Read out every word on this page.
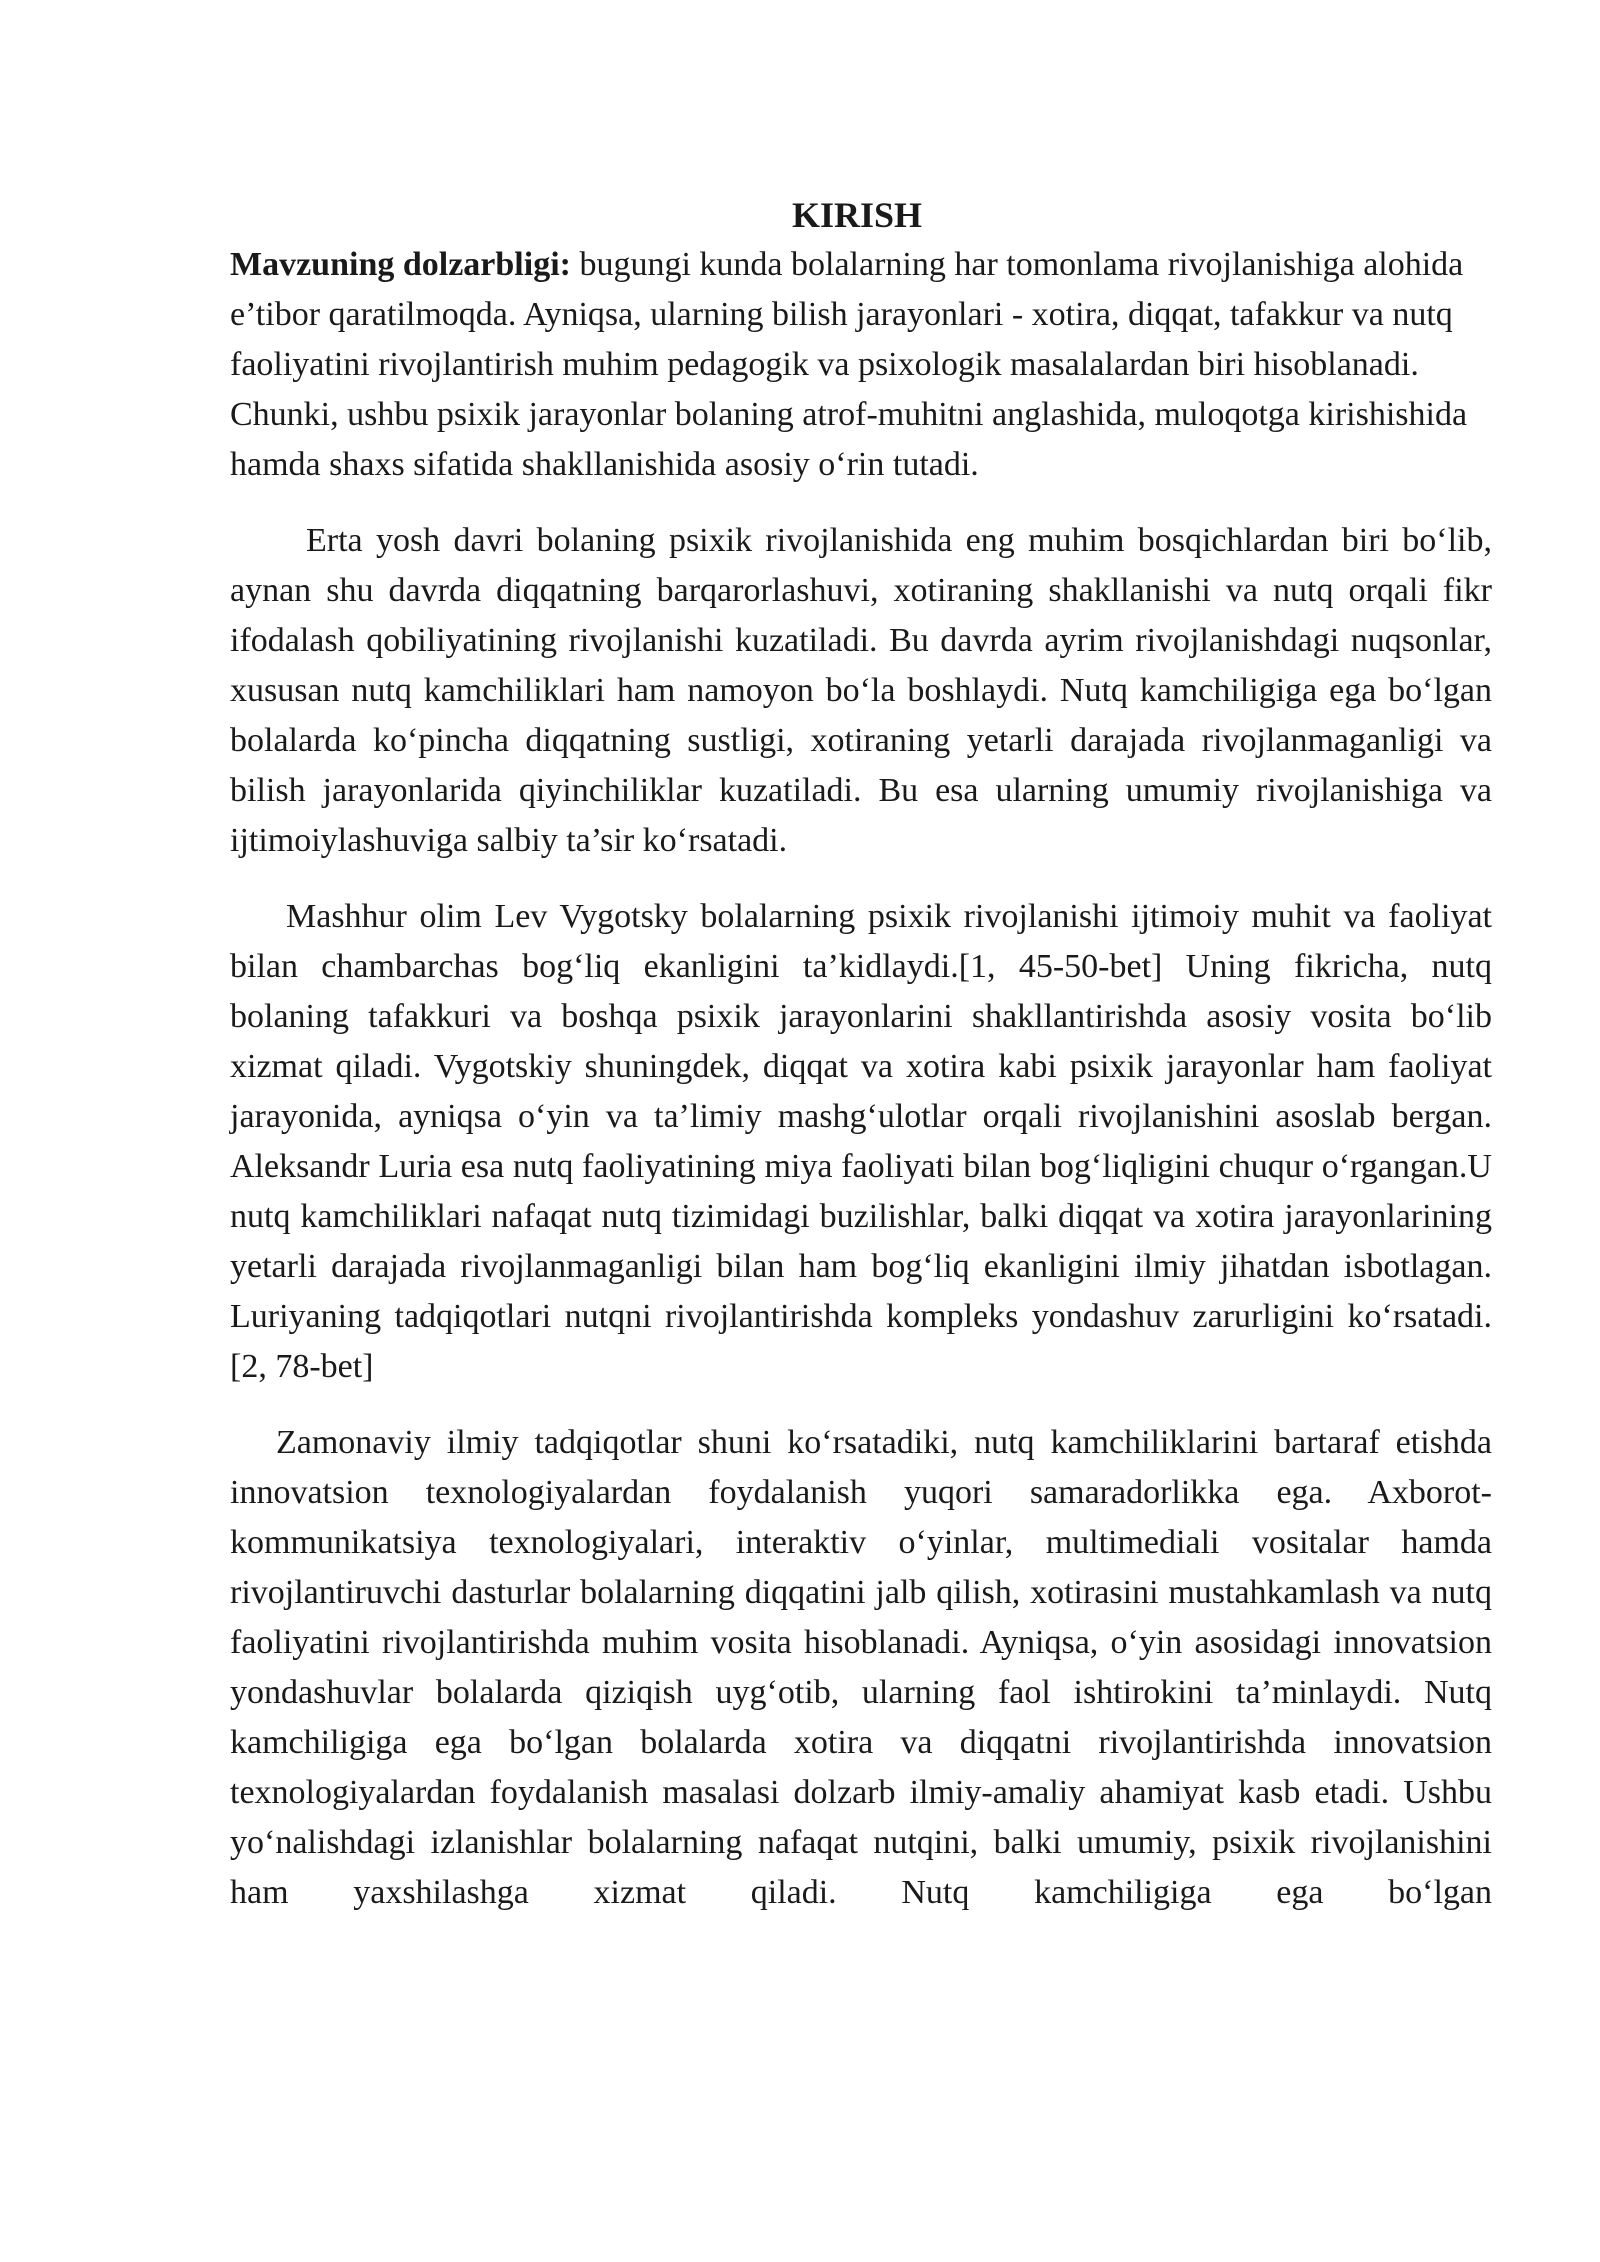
KIRISH

Mavzuning dolzarbligi: bugungi kunda bolalarning har tomonlama rivojlanishiga alohida e’tibor qaratilmoqda. Ayniqsa, ularning bilish jarayonlari - xotira, diqqat, tafakkur va nutq faoliyatini rivojlantirish muhim pedagogik va psixologik masalalardan biri hisoblanadi. Chunki, ushbu psixik jarayonlar bolaning atrof-muhitni anglashida, muloqotga kirishishida hamda shaxs sifatida shakllanishida asosiy o‘rin tutadi.

Erta yosh davri bolaning psixik rivojlanishida eng muhim bosqichlardan biri bo‘lib, aynan shu davrda diqqatning barqarorlashuvi, xotiraning shakllanishi va nutq orqali fikr ifodalash qobiliyatining rivojlanishi kuzatiladi. Bu davrda ayrim rivojlanishdagi nuqsonlar, xususan nutq kamchiliklari ham namoyon bo‘la boshlaydi. Nutq kamchiligiga ega bo‘lgan bolalarda ko‘pincha diqqatning sustligi, xotiraning yetarli darajada rivojlanmaganligi va bilish jarayonlarida qiyinchiliklar kuzatiladi. Bu esa ularning umumiy rivojlanishiga va ijtimoiylashuviga salbiy ta’sir ko‘rsatadi.

Mashhur olim Lev Vygotsky bolalarning psixik rivojlanishi ijtimoiy muhit va faoliyat bilan chambarchas bog‘liq ekanligini ta’kidlaydi.[1, 45-50-bet] Uning fikricha, nutq bolaning tafakkuri va boshqa psixik jarayonlarini shakllantirishda asosiy vosita bo‘lib xizmat qiladi. Vygotskiy shuningdek, diqqat va xotira kabi psixik jarayonlar ham faoliyat jarayonida, ayniqsa o‘yin va ta’limiy mashg‘ulotlar orqali rivojlanishini asoslab bergan. Aleksandr Luria esa nutq faoliyatining miya faoliyati bilan bog‘liqligini chuqur o‘rgangan.U nutq kamchiliklari nafaqat nutq tizimidagi buzilishlar, balki diqqat va xotira jarayonlarining yetarli darajada rivojlanmaganligi bilan ham bog‘liq ekanligini ilmiy jihatdan isbotlagan. Luriyaning tadqiqotlari nutqni rivojlantirishda kompleks yondashuv zarurligini ko‘rsatadi.[2, 78-bet]

Zamonaviy ilmiy tadqiqotlar shuni ko‘rsatadiki, nutq kamchiliklarini bartaraf etishda innovatsion texnologiyalardan foydalanish yuqori samaradorlikka ega. Axborot-kommunikatsiya texnologiyalari, interaktiv o‘yinlar, multimediali vositalar hamda rivojlantiruvchi dasturlar bolalarning diqqatini jalb qilish, xotirasini mustahkamlash va nutq faoliyatini rivojlantirishda muhim vosita hisoblanadi. Ayniqsa, o‘yin asosidagi innovatsion yondashuvlar bolalarda qiziqish uyg‘otib, ularning faol ishtirokini ta’minlaydi. Nutq kamchiligiga ega bo‘lgan bolalarda xotira va diqqatni rivojlantirishda innovatsion texnologiyalardan foydalanish masalasi dolzarb ilmiy-amaliy ahamiyat kasb etadi. Ushbu yo‘nalishdagi izlanishlar bolalarning nafaqat nutqini, balki umumiy, psixik rivojlanishini ham yaxshilashga xizmat qiladi. Nutq kamchiligiga ega bo‘lgan
